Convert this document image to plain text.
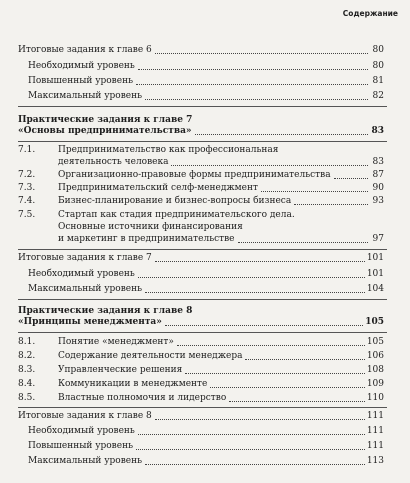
Содержание
Итоговые задания к главе 6	80
Необходимый уровень	80
Повышенный уровень	81
Максимальный уровень	82
Практические задания к главе 7
«Основы предпринимательства»	83
7.1.	Предпринимательство как профессиональная
деятельность человека	83
7.2.	Организационно-правовые формы предпринимательства	87
7.3.	Предпринимательский селф-менеджмент	90
7.4.	Бизнес-планирование и бизнес-вопросы бизнеса	93
7.5.	Стартап как стадия предпринимательского дела.
Основные источники финансирования
и маркетинг в предпринимательстве	97
Итоговые задания к главе 7	101
Необходимый уровень	101
Максимальный уровень	104
Практические задания к главе 8
«Принципы менеджмента»	105
8.1.	Понятие «менеджмент»	105
8.2.	Содержание деятельности менеджера	106
8.3.	Управленческие решения	108
8.4.	Коммуникации в менеджменте	109
8.5.	Властные полномочия и лидерство	110
Итоговые задания к главе 8	111
Необходимый уровень	111
Повышенный уровень	111
Максимальный уровень	113
